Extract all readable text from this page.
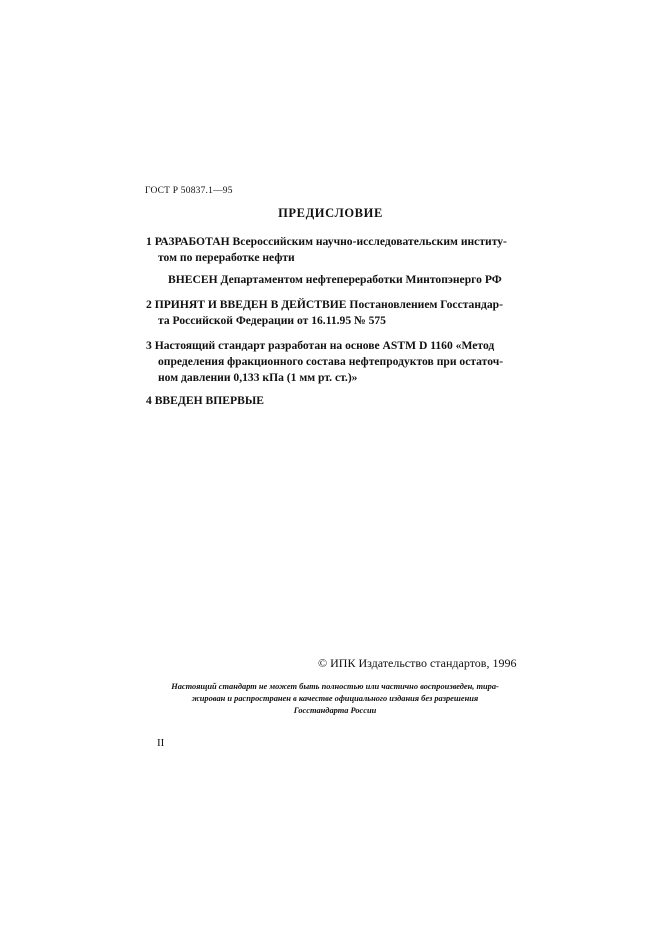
ГОСТ Р 50837.1—95
ПРЕДИСЛОВИЕ
1 РАЗРАБОТАН Всероссийским научно-исследовательским институ-
том по переработке нефти
ВНЕСЕН Департаментом нефтепереработки Минтопэнерго РФ
2 ПРИНЯТ И ВВЕДЕН В ДЕЙСТВИЕ Постановлением Госстандар-
та Российской Федерации от 16.11.95 № 575
3 Настоящий стандарт разработан на основе ASTM D 1160 «Метод
определения фракционного состава нефтепродуктов при остаточ-
ном давлении 0,133 кПа (1 мм рт. ст.)»
4 ВВЕДЕН ВПЕРВЫЕ
© ИПК Издательство стандартов, 1996
Настоящий стандарт не может быть полностью или частично воспроизведен, тира-
жирован и распространен в качестве официального издания без разрешения
Госстандарта России
II
